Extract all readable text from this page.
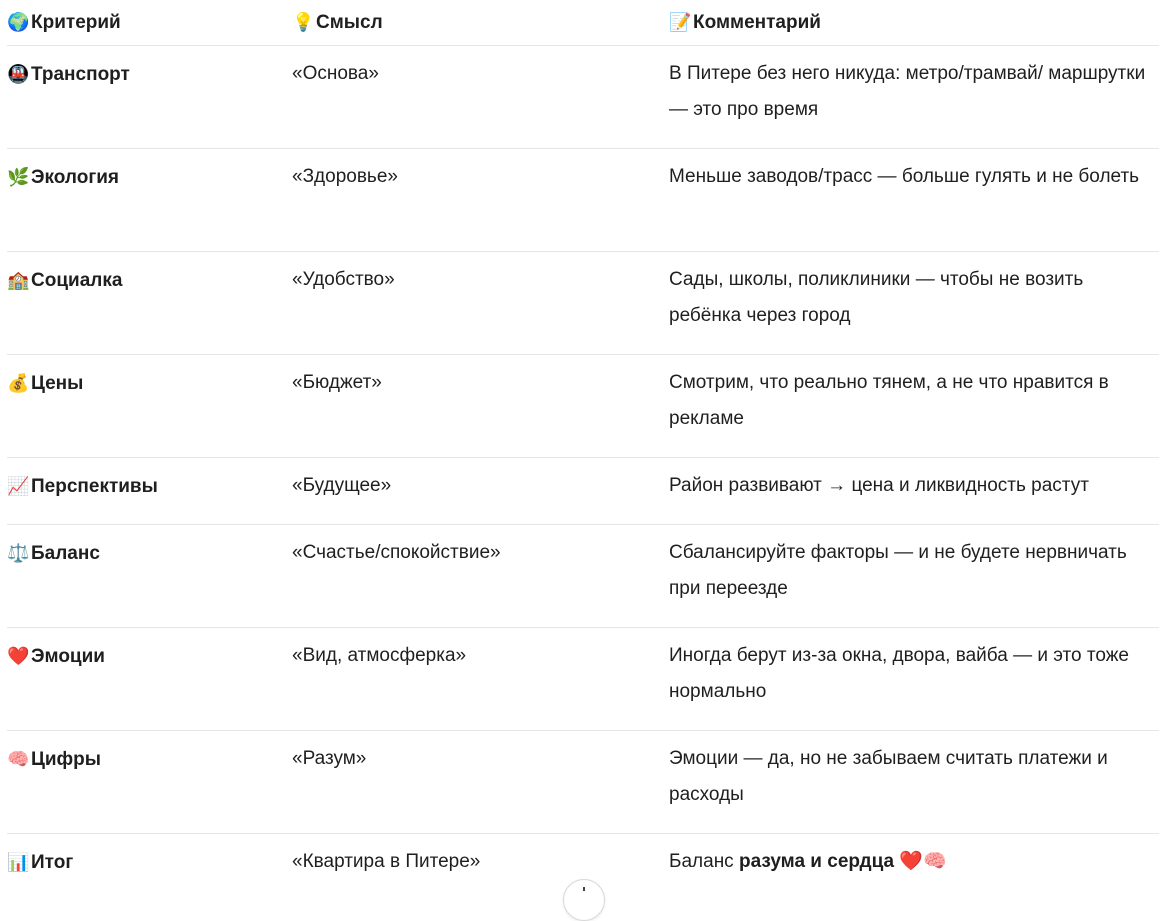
🌍Критерий	💡Смысл	📝Комментарий
🚇Транспорт	«Основа»	В Питере без него никуда: метро/трамвай/ маршрутки — это про время
🌿Экология	«Здоровье»	Меньше заводов/трасс — больше гулять и не болеть
🏫Социалка	«Удобство»	Сады, школы, поликлиники — чтобы не возить ребёнка через город
💰Цены	«Бюджет»	Смотрим, что реально тянем, а не что нравится в рекламе
📈Перспективы	«Будущее»	Район развивают → цена и ликвидность растут
⚖️Баланс	«Счастье/спокойствие»	Сбалансируйте факторы — и не будете нервничать при переезде
❤️Эмоции	«Вид, атмосферка»	Иногда берут из-за окна, двора, вайба — и это тоже нормально
🧠Цифры	«Разум»	Эмоции — да, но не забываем считать платежи и расходы
📊Итог	«Квартира в Питере»	Баланс разума и сердца ❤️🧠
